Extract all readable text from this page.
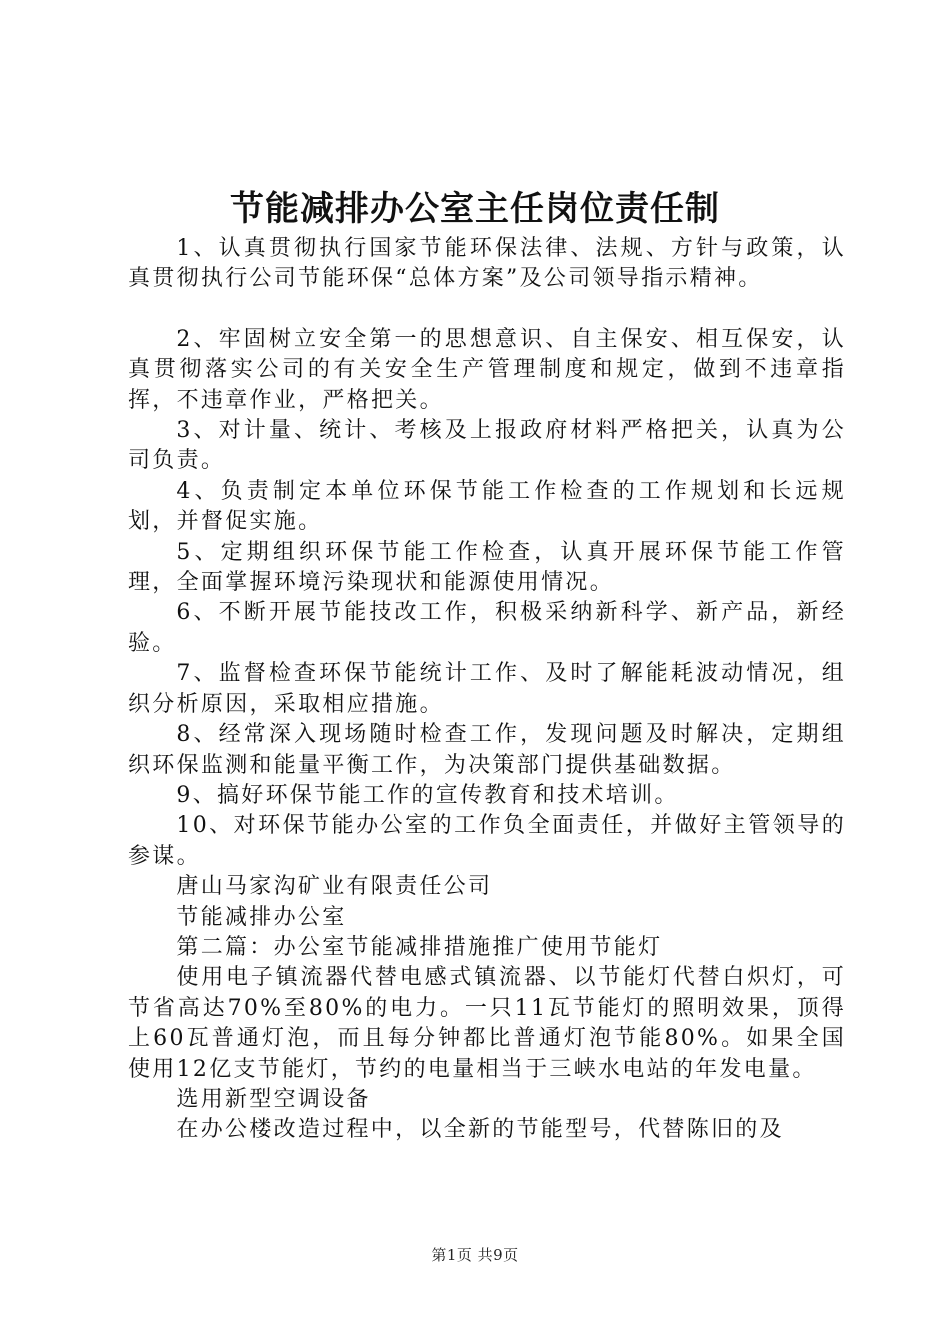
节能减排办公室主任岗位责任制

1、认真贯彻执行国家节能环保法律、法规、方针与政策，认真贯彻执行公司节能环保“总体方案”及公司领导指示精神。

2、牢固树立安全第一的思想意识、自主保安、相互保安，认真贯彻落实公司的有关安全生产管理制度和规定，做到不违章指挥，不违章作业，严格把关。

3、对计量、统计、考核及上报政府材料严格把关，认真为公司负责。

4、负责制定本单位环保节能工作检查的工作规划和长远规划，并督促实施。

5、定期组织环保节能工作检查，认真开展环保节能工作管理，全面掌握环境污染现状和能源使用情况。

6、不断开展节能技改工作，积极采纳新科学、新产品，新经验。

7、监督检查环保节能统计工作、及时了解能耗波动情况，组织分析原因，采取相应措施。

8、经常深入现场随时检查工作，发现问题及时解决，定期组织环保监测和能量平衡工作，为决策部门提供基础数据。

9、搞好环保节能工作的宣传教育和技术培训。

10、对环保节能办公室的工作负全面责任，并做好主管领导的参谋。

唐山马家沟矿业有限责任公司

节能减排办公室

第二篇：办公室节能减排措施推广使用节能灯

使用电子镇流器代替电感式镇流器、以节能灯代替白炽灯，可节省高达70%至80%的电力。一只11瓦节能灯的照明效果，顶得上60瓦普通灯泡，而且每分钟都比普通灯泡节能80%。如果全国使用12亿支节能灯，节约的电量相当于三峡水电站的年发电量。

选用新型空调设备

在办公楼改造过程中，以全新的节能型号，代替陈旧的及

第1页 共9页
